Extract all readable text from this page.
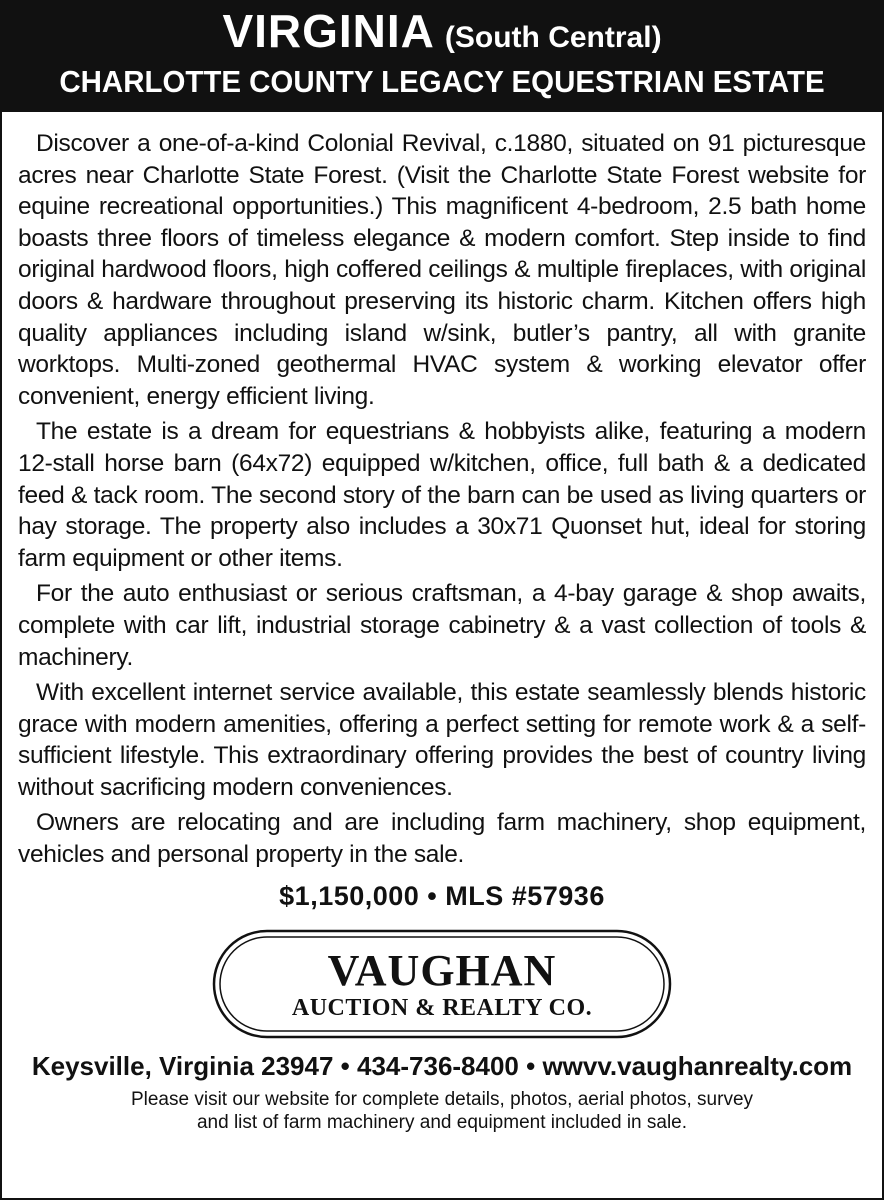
VIRGINIA (South Central)
CHARLOTTE COUNTY LEGACY EQUESTRIAN ESTATE

Discover a one-of-a-kind Colonial Revival, c.1880, situated on 91 picturesque acres near Charlotte State Forest. (Visit the Charlotte State Forest website for equine recreational opportunities.) This magnificent 4-bedroom, 2.5 bath home boasts three floors of timeless elegance & modern comfort. Step inside to find original hardwood floors, high coffered ceilings & multiple fireplaces, with original doors & hardware throughout preserving its historic charm. Kitchen offers high quality appliances including island w/sink, butler’s pantry, all with granite worktops. Multi-zoned geothermal HVAC system & working elevator offer convenient, energy efficient living.

The estate is a dream for equestrians & hobbyists alike, featuring a modern 12-stall horse barn (64x72) equipped w/kitchen, office, full bath & a dedicated feed & tack room. The second story of the barn can be used as living quarters or hay storage. The property also includes a 30x71 Quonset hut, ideal for storing farm equipment or other items.

For the auto enthusiast or serious craftsman, a 4-bay garage & shop awaits, complete with car lift, industrial storage cabinetry & a vast collection of tools & machinery.

With excellent internet service available, this estate seamlessly blends historic grace with modern amenities, offering a perfect setting for remote work & a self-sufficient lifestyle. This extraordinary offering provides the best of country living without sacrificing modern conveniences.

Owners are relocating and are including farm machinery, shop equipment, vehicles and personal property in the sale.

$1,150,000 • MLS #57936
VAUGHAN
AUCTION & REALTY CO.
Keysville, Virginia 23947 • 434-736-8400 • wwvv.vaughanrealty.com
Please visit our website for complete details, photos, aerial photos, survey
and list of farm machinery and equipment included in sale.
